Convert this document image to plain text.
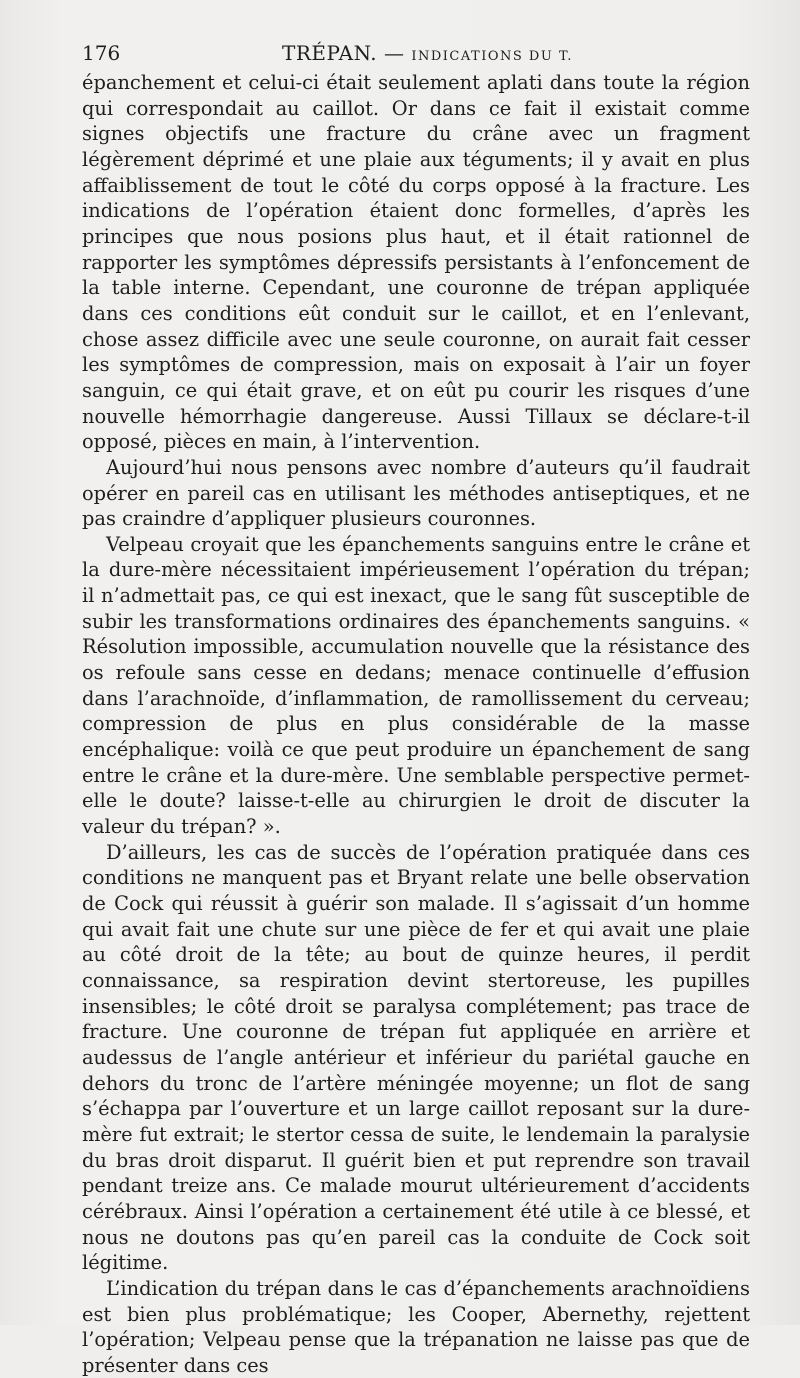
176	TRÉPAN. — INDICATIONS DU T.

épanchement et celui-ci était seulement aplati dans toute la région qui correspondait au caillot. Or dans ce fait il existait comme signes objectifs une fracture du crâne avec un fragment légèrement déprimé et une plaie aux téguments; il y avait en plus affaiblissement de tout le côté du corps opposé à la fracture. Les indications de l’opération étaient donc formelles, d’après les principes que nous posions plus haut, et il était rationnel de rapporter les symptômes dépressifs persistants à l’enfoncement de la table interne. Cependant, une couronne de trépan appliquée dans ces conditions eût conduit sur le caillot, et en l’enlevant, chose assez difficile avec une seule couronne, on aurait fait cesser les symptômes de compression, mais on exposait à l’air un foyer sanguin, ce qui était grave, et on eût pu courir les risques d’une nouvelle hémorrhagie dangereuse. Aussi Tillaux se déclare-t-il opposé, pièces en main, à l’intervention.

Aujourd’hui nous pensons avec nombre d’auteurs qu’il faudrait opérer en pareil cas en utilisant les méthodes antiseptiques, et ne pas craindre d’appliquer plusieurs couronnes.

Velpeau croyait que les épanchements sanguins entre le crâne et la dure-mère nécessitaient impérieusement l’opération du trépan; il n’admettait pas, ce qui est inexact, que le sang fût susceptible de subir les transformations ordinaires des épanchements sanguins. « Résolution impossible, accumulation nouvelle que la résistance des os refoule sans cesse en dedans; menace continuelle d’effusion dans l’arachnoïde, d’inflammation, de ramollissement du cerveau; compression de plus en plus considérable de la masse encéphalique: voilà ce que peut produire un épanchement de sang entre le crâne et la dure-mère. Une semblable perspective permet-elle le doute? laisse-t-elle au chirurgien le droit de discuter la valeur du trépan? ».

D’ailleurs, les cas de succès de l’opération pratiquée dans ces conditions ne manquent pas et Bryant relate une belle observation de Cock qui réussit à guérir son malade. Il s’agissait d’un homme qui avait fait une chute sur une pièce de fer et qui avait une plaie au côté droit de la tête; au bout de quinze heures, il perdit connaissance, sa respiration devint stertoreuse, les pupilles insensibles; le côté droit se paralysa complétement; pas trace de fracture. Une couronne de trépan fut appliquée en arrière et audessus de l’angle antérieur et inférieur du pariétal gauche en dehors du tronc de l’artère méningée moyenne; un flot de sang s’échappa par l’ouverture et un large caillot reposant sur la dure-mère fut extrait; le stertor cessa de suite, le lendemain la paralysie du bras droit disparut. Il guérit bien et put reprendre son travail pendant treize ans. Ce malade mourut ultérieurement d’accidents cérébraux. Ainsi l’opération a certainement été utile à ce blessé, et nous ne doutons pas qu’en pareil cas la conduite de Cock soit légitime.

L’indication du trépan dans le cas d’épanchements arachnoïdiens est bien plus problématique; les Cooper, Abernethy, rejettent l’opération; Velpeau pense que la trépanation ne laisse pas que de présenter dans ces
